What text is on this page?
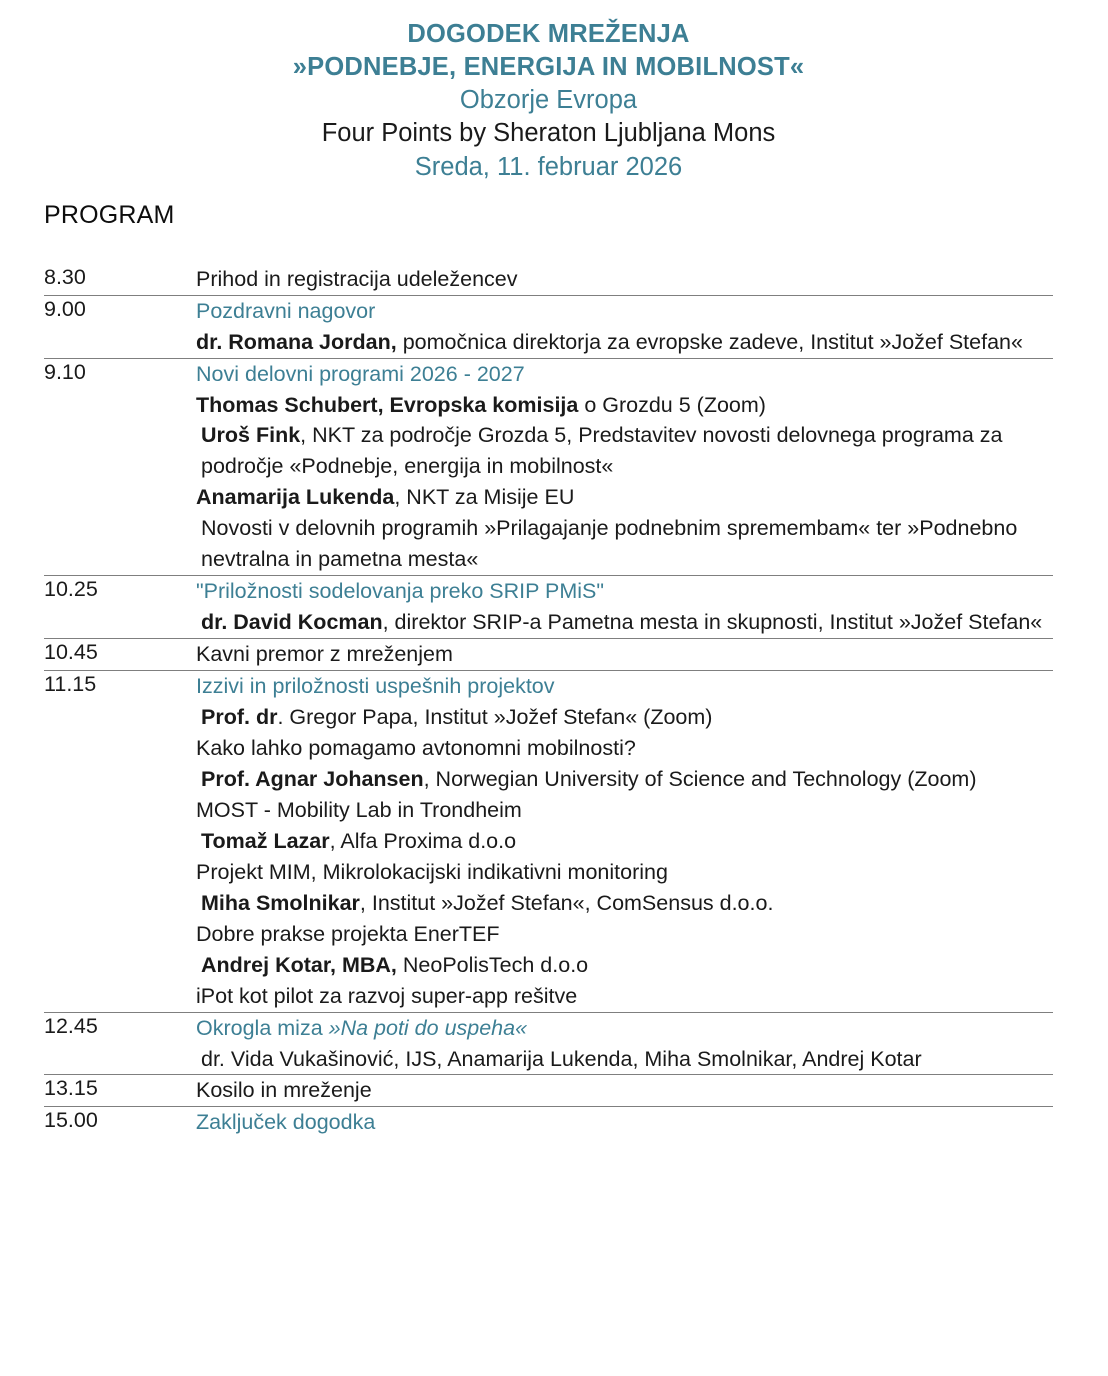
DOGODEK MREŽENJA
»PODNEBJE, ENERGIJA IN MOBILNOST«
Obzorje Evropa
Four Points by Sheraton Ljubljana Mons
Sreda, 11. februar 2026
PROGRAM
8.30	Prihod in registracija udeležencev

9.00	Pozdravni nagovor
dr. Romana Jordan, pomočnica direktorja za evropske zadeve, Institut »Jožef Stefan«

9.10	Novi delovni programi 2026 - 2027
Thomas Schubert, Evropska komisija o Grozdu 5 (Zoom)
Uroš Fink, NKT za področje Grozda 5, Predstavitev novosti delovnega programa za področje «Podnebje, energija in mobilnost«
Anamarija Lukenda, NKT za Misije EU
Novosti v delovnih programih »Prilagajanje podnebnim spremembam« ter »Podnebno nevtralna in pametna mesta«

10.25	"Priložnosti sodelovanja preko SRIP PMiS"
dr. David Kocman, direktor SRIP-a Pametna mesta in skupnosti, Institut »Jožef Stefan«

10.45	Kavni premor z mreženjem

11.15	Izzivi in priložnosti uspešnih projektov
Prof. dr. Gregor Papa, Institut »Jožef Stefan« (Zoom)
Kako lahko pomagamo avtonomni mobilnosti?
Prof. Agnar Johansen, Norwegian University of Science and Technology (Zoom)
MOST - Mobility Lab in Trondheim
Tomaž Lazar, Alfa Proxima d.o.o
Projekt MIM, Mikrolokacijski indikativni monitoring
Miha Smolnikar, Institut »Jožef Stefan«, ComSensus d.o.o.
Dobre prakse projekta EnerTEF
Andrej Kotar, MBA, NeoPolisTech d.o.o
iPot kot pilot za razvoj super-app rešitve

12.45	Okrogla miza »Na poti do uspeha«
dr. Vida Vukašinović, IJS, Anamarija Lukenda, Miha Smolnikar, Andrej Kotar

13.15	Kosilo in mreženje

15.00	Zaključek dogodka
